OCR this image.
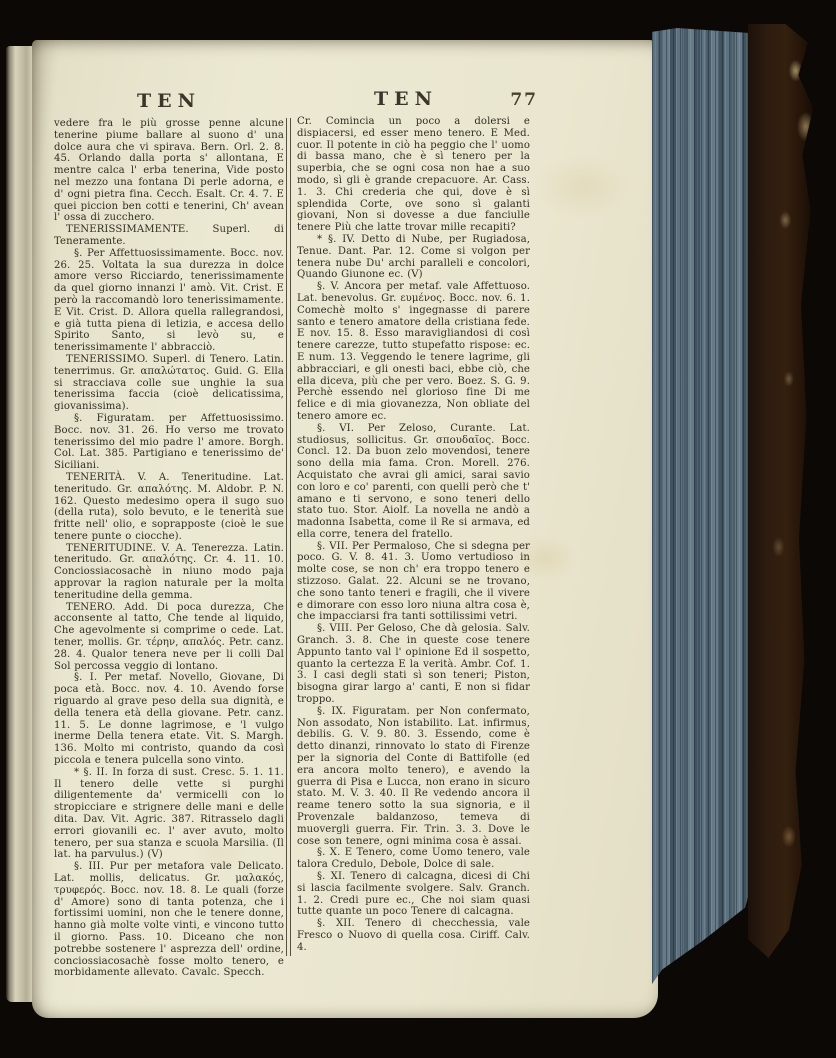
TEN	TEN	77

vedere fra le più grosse penne alcune tenerine piume ballare al suono d' una dolce aura che vi spirava. Bern. Orl. 2. 8. 45. Orlando dalla porta s' allontana, E mentre calca l' erba tenerina, Vide posto nel mezzo una fontana Di perle adorna, e d' ogni pietra fina. Cecch. Esalt. Cr. 4. 7. E quei piccion ben cotti e tenerini, Ch' avean l' ossa di zucchero.

TENERISSIMAMENTE. Superl. di Teneramente.

§. Per Affettuosissimamente. Bocc. nov. 26. 25. Voltata la sua durezza in dolce amore verso Ricciardo, tenerissimamente da quel giorno innanzi l' amò. Vit. Crist. E però la raccomandò loro tenerissimamente. E Vit. Crist. D. Allora quella rallegrandosi, e già tutta piena di letizia, e accesa dello Spirito Santo, si levò su, e tenerissimamente l' abbracciò.

TENERISSIMO. Superl. di Tenero. Latin. tenerrimus. Gr. απαλώτατος. Guid. G. Ella si stracciava colle sue unghie la sua tenerissima faccia (cioè delicatissima, giovanissima).

§. Figuratam. per Affettuosissimo. Bocc. nov. 31. 26. Ho verso me trovato tenerissimo del mio padre l' amore. Borgh. Col. Lat. 385. Partigiano e tenerissimo de' Siciliani.

TENERITÀ. V. A. Teneritudine. Lat. teneritudo. Gr. απαλότης. M. Aldobr. P. N. 162. Questo medesimo opera il sugo suo (della ruta), solo bevuto, e le tenerità sue fritte nell' olio, e soprapposte (cioè le sue tenere punte o ciocche).

TENERITUDINE. V. A. Tenerezza. Latin. teneritudo. Gr. απαλότης. Cr. 4. 11. 10. Conciossiacosachè in niuno modo paja approvar la ragion naturale per la molta teneritudine della gemma.

TENERO. Add. Di poca durezza, Che acconsente al tatto, Che tende al liquido, Che agevolmente si comprime o cede. Lat. tener, mollis. Gr. τέρην, απαλός. Petr. canz. 28. 4. Qualor tenera neve per li colli Dal Sol percossa veggio di lontano.

§. I. Per metaf. Novello, Giovane, Di poca età. Bocc. nov. 4. 10. Avendo forse riguardo al grave peso della sua dignità, e della tenera età della giovane. Petr. canz. 11. 5. Le donne lagrimose, e 'l vulgo inerme Della tenera etate. Vit. S. Margh. 136. Molto mi contristo, quando da così piccola e tenera pulcella sono vinto.

* §. II. In forza di sust. Cresc. 5. 1. 11. Il tenero delle vette si purghi diligentemente da' vermicelli con lo stropicciare e strignere delle mani e delle dita. Dav. Vit. Agric. 387. Ritrasselo dagli errori giovanili ec. l' aver avuto, molto tenero, per sua stanza e scuola Marsilia. (Il lat. ha parvulus.) (V)

§. III. Pur per metafora vale Delicato. Lat. mollis, delicatus. Gr. μαλακός, τρυφερός. Bocc. nov. 18. 8. Le quali (forze d' Amore) sono di tanta potenza, che i fortissimi uomini, non che le tenere donne, hanno già molte volte vinti, e vincono tutto il giorno. Pass. 10. Diceano che non potrebbe sostenere l' asprezza dell' ordine, conciossiacosachè fosse molto tenero, e morbidamente allevato. Cavalc. Specch.

Cr. Comincia un poco a dolersi e dispiacersi, ed esser meno tenero. E Med. cuor. Il potente in ciò ha peggio che l' uomo di bassa mano, che è sì tenero per la superbia, che se ogni cosa non hae a suo modo, sì gli è grande crepacuore. Ar. Cass. 1. 3. Chi crederia che qui, dove è sì splendida Corte, ove sono sì galanti giovani, Non si dovesse a due fanciulle tenere Più che latte trovar mille recapiti?

* §. IV. Detto di Nube, per Rugiadosa, Tenue. Dant. Par. 12. Come si volgon per tenera nube Du' archi paralleli e concolori, Quando Giunone ec. (V)

§. V. Ancora per metaf. vale Affettuoso. Lat. benevolus. Gr. ευμένος. Bocc. nov. 6. 1. Comechè molto s' ingegnasse di parere santo e tenero amatore della cristiana fede. E nov. 15. 8. Esso maravigliandosi di così tenere carezze, tutto stupefatto rispose: ec. E num. 13. Veggendo le tenere lagrime, gli abbracciari, e gli onesti baci, ebbe ciò, che ella diceva, più che per vero. Boez. S. G. 9. Perchè essendo nel glorioso fine Di me felice e di mia giovanezza, Non obliate del tenero amore ec.

§. VI. Per Zeloso, Curante. Lat. studiosus, sollicitus. Gr. σπουδαῖος. Bocc. Concl. 12. Da buon zelo movendosi, tenere sono della mia fama. Cron. Morell. 276. Acquistato che avrai gli amici, sarai savio con loro e co' parenti, con quelli però che t' amano e ti servono, e sono teneri dello stato tuo. Stor. Aiolf. La novella ne andò a madonna Isabetta, come il Re si armava, ed ella corre, tenera del fratello.

§. VII. Per Permaloso, Che si sdegna per poco. G. V. 8. 41. 3. Uomo vertudioso in molte cose, se non ch' era troppo tenero e stizzoso. Galat. 22. Alcuni se ne trovano, che sono tanto teneri e fragili, che il vivere e dimorare con esso loro niuna altra cosa è, che impacciarsi fra tanti sottilissimi vetri.

§. VIII. Per Geloso, Che dà gelosia. Salv. Granch. 3. 8. Che in queste cose tenere Appunto tanto val l' opinione Ed il sospetto, quanto la certezza E la verità. Ambr. Cof. 1. 3. I casi degli stati sì son teneri; Piston, bisogna girar largo a' canti, E non si fidar troppo.

§. IX. Figuratam. per Non confermato, Non assodato, Non istabilito. Lat. infirmus, debilis. G. V. 9. 80. 3. Essendo, come è detto dinanzi, rinnovato lo stato di Firenze per la signoria del Conte di Battifolle (ed era ancora molto tenero), e avendo la guerra di Pisa e Lucca, non erano in sicuro stato. M. V. 3. 40. Il Re vedendo ancora il reame tenero sotto la sua signoria, e il Provenzale baldanzoso, temeva di muovergli guerra. Fir. Trin. 3. 3. Dove le cose son tenere, ogni minima cosa è assai.

§. X. E Tenero, come Uomo tenero, vale talora Credulo, Debole, Dolce di sale.

§. XI. Tenero di calcagna, dicesi di Chi si lascia facilmente svolgere. Salv. Granch. 1. 2. Credi pure ec., Che noi siam quasi tutte quante un poco Tenere di calcagna.

§. XII. Tenero di checchessia, vale Fresco o Nuovo di quella cosa. Ciriff. Calv. 4.
